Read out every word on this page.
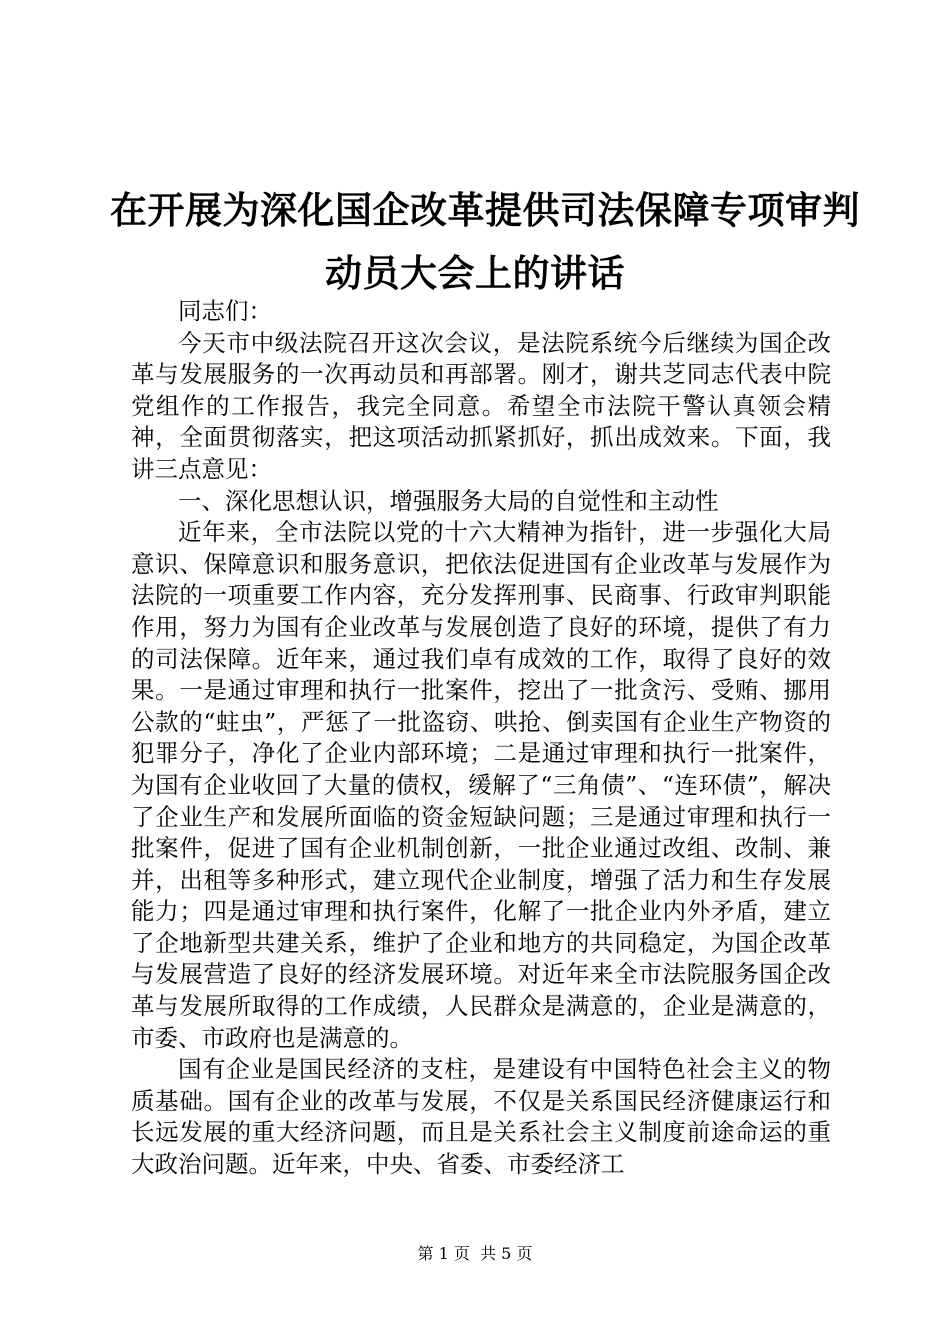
在开展为深化国企改革提供司法保障专项审判
动员大会上的讲话

同志们：

今天市中级法院召开这次会议，是法院系统今后继续为国企改革与发展服务的一次再动员和再部署。刚才，谢共芝同志代表中院党组作的工作报告，我完全同意。希望全市法院干警认真领会精神，全面贯彻落实，把这项活动抓紧抓好，抓出成效来。下面，我讲三点意见：

一、深化思想认识，增强服务大局的自觉性和主动性

近年来，全市法院以党的十六大精神为指针，进一步强化大局意识、保障意识和服务意识，把依法促进国有企业改革与发展作为法院的一项重要工作内容，充分发挥刑事、民商事、行政审判职能作用，努力为国有企业改革与发展创造了良好的环境，提供了有力的司法保障。近年来，通过我们卓有成效的工作，取得了良好的效果。一是通过审理和执行一批案件，挖出了一批贪污、受贿、挪用公款的“蛀虫”，严惩了一批盗窃、哄抢、倒卖国有企业生产物资的犯罪分子，净化了企业内部环境；二是通过审理和执行一批案件，为国有企业收回了大量的债权，缓解了“三角债”、“连环债”，解决了企业生产和发展所面临的资金短缺问题；三是通过审理和执行一批案件，促进了国有企业机制创新，一批企业通过改组、改制、兼并，出租等多种形式，建立现代企业制度，增强了活力和生存发展能力；四是通过审理和执行案件，化解了一批企业内外矛盾，建立了企地新型共建关系，维护了企业和地方的共同稳定，为国企改革与发展营造了良好的经济发展环境。对近年来全市法院服务国企改革与发展所取得的工作成绩，人民群众是满意的，企业是满意的，市委、市政府也是满意的。

国有企业是国民经济的支柱，是建设有中国特色社会主义的物质基础。国有企业的改革与发展，不仅是关系国民经济健康运行和长远发展的重大经济问题，而且是关系社会主义制度前途命运的重大政治问题。近年来，中央、省委、市委经济工

第 1 页  共 5 页
